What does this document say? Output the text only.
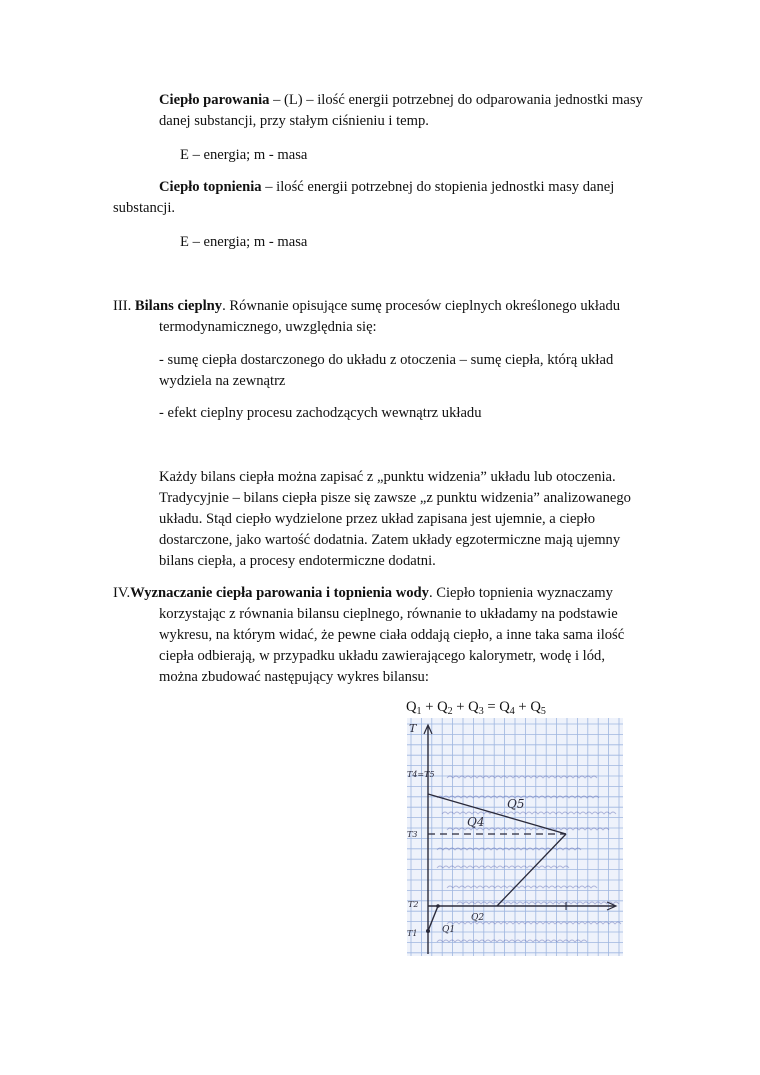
Ciepło parowania – (L) – ilość energii potrzebnej do odparowania jednostki masy

danej substancji, przy stałym ciśnieniu i temp.

E – energia; m - masa

Ciepło topnienia – ilość energii potrzebnej do stopienia jednostki masy danej

substancji.

E – energia; m - masa

III. Bilans cieplny. Równanie opisujące sumę procesów cieplnych określonego układu

termodynamicznego, uwzględnia się:

- sumę ciepła dostarczonego do układu z otoczenia – sumę ciepła, którą układ

wydziela na zewnątrz

- efekt cieplny procesu zachodzących wewnątrz układu

Każdy bilans ciepła można zapisać z „punktu widzenia” układu lub otoczenia.

Tradycyjnie – bilans ciepła pisze się zawsze „z punktu widzenia” analizowanego

układu. Stąd ciepło wydzielone przez układ zapisana jest ujemnie, a ciepło

dostarczone, jako wartość dodatnia. Zatem układy egzotermiczne mają ujemny

bilans ciepła, a procesy endotermiczne dodatni.

IV.Wyznaczanie ciepła parowania i topnienia wody. Ciepło topnienia wyznaczamy

korzystając z równania bilansu cieplnego, równanie to układamy na podstawie

wykresu, na którym widać, że pewne ciała oddają ciepło, a inne taka sama ilość

ciepła odbierają, w przypadku układu zawierającego kalorymetr, wodę i lód,

można zbudować następujący wykres bilansu:

$Q_1 + Q_2 + Q_3 = Q_4 + Q_5$

T
T4=T5
T3
T2
T1
Q5
Q4
Q2
Q1
